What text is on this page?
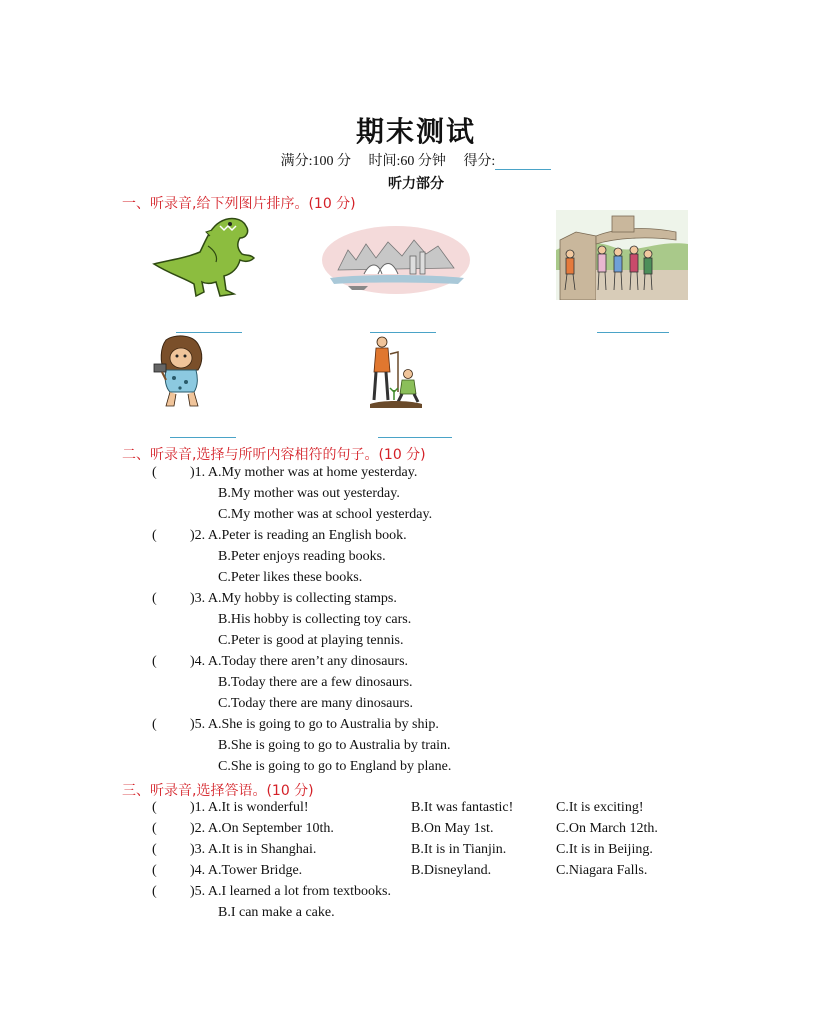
期末测试
满分:100 分 时间:60 分钟 得分:
听力部分
一、听录音,给下列图片排序。(10 分)
二、听录音,选择与所听内容相符的句子。(10 分)
( )1. A.My mother was at home yesterday.
B.My mother was out yesterday.
C.My mother was at school yesterday.
( )2. A.Peter is reading an English book.
B.Peter enjoys reading books.
C.Peter likes these books.
( )3. A.My hobby is collecting stamps.
B.His hobby is collecting toy cars.
C.Peter is good at playing tennis.
( )4. A.Today there aren’t any dinosaurs.
B.Today there are a few dinosaurs.
C.Today there are many dinosaurs.
( )5. A.She is going to go to Australia by ship.
B.She is going to go to Australia by train.
C.She is going to go to England by plane.
三、听录音,选择答语。(10 分)
( )1. A.It is wonderful!	B.It was fantastic!	C.It is exciting!
( )2. A.On September 10th.	B.On May 1st.	C.On March 12th.
( )3. A.It is in Shanghai.	B.It is in Tianjin.	C.It is in Beijing.
( )4. A.Tower Bridge.	B.Disneyland.	C.Niagara Falls.
( )5. A.I learned a lot from textbooks.
B.I can make a cake.
